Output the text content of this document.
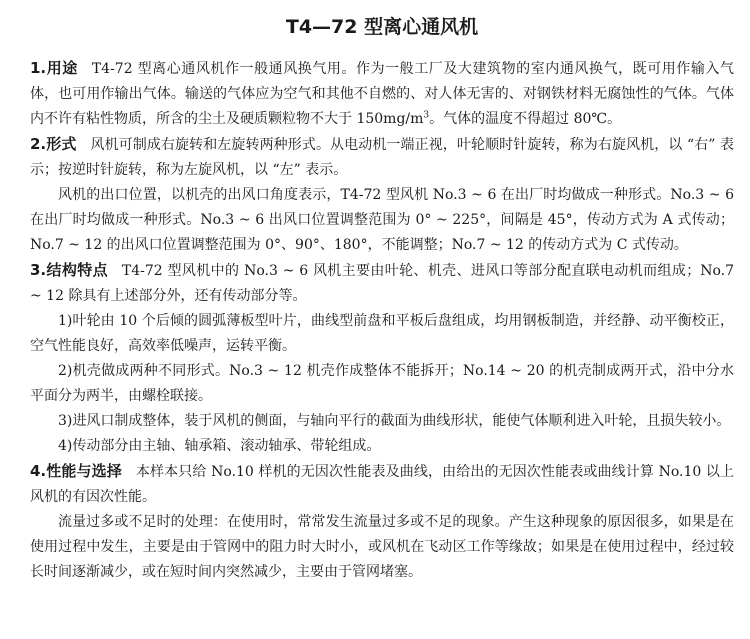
T4—72 型离心通风机

1.用途 T4-72 型离心通风机作一般通风换气用。作为一般工厂及大建筑物的室内通风换气，既可用作输入气体，也可用作输出气体。输送的气体应为空气和其他不自燃的、对人体无害的、对钢铁材料无腐蚀性的气体。气体内不许有粘性物质，所含的尘土及硬质颗粒物不大于 $150mg/m^3$。气体的温度不得超过 80℃。

2.形式 风机可制成右旋转和左旋转两种形式。从电动机一端正视，叶轮顺时针旋转，称为右旋风机，以 “右” 表示；按逆时针旋转，称为左旋风机，以 “左” 表示。

风机的出口位置，以机壳的出风口角度表示，T4-72 型风机 No.3 ~ 6 在出厂时均做成一种形式。No.3 ~ 6 在出厂时均做成一种形式。No.3 ~ 6 出风口位置调整范围为 0° ~ 225°，间隔是 45°，传动方式为 A 式传动；No.7 ~ 12 的出风口位置调整范围为 0°、90°、180°，不能调整；No.7 ~ 12 的传动方式为 C 式传动。

3.结构特点 T4-72 型风机中的 No.3 ~ 6 风机主要由叶轮、机壳、进风口等部分配直联电动机而组成；No.7 ~ 12 除具有上述部分外，还有传动部分等。

1)叶轮由 10 个后倾的圆弧薄板型叶片，曲线型前盘和平板后盘组成，均用钢板制造，并经静、动平衡校正，空气性能良好，高效率低噪声，运转平衡。

2)机壳做成两种不同形式。No.3 ~ 12 机壳作成整体不能拆开；No.14 ~ 20 的机壳制成两开式，沿中分水平面分为两半，由螺栓联接。

3)进风口制成整体，装于风机的侧面，与轴向平行的截面为曲线形状，能使气体顺利进入叶轮，且损失较小。

4)传动部分由主轴、轴承箱、滚动轴承、带轮组成。

4.性能与选择 本样本只给 No.10 样机的无因次性能表及曲线，由给出的无因次性能表或曲线计算 No.10 以上风机的有因次性能。

流量过多或不足时的处理：在使用时，常常发生流量过多或不足的现象。产生这种现象的原因很多，如果是在使用过程中发生，主要是由于管网中的阻力时大时小，或风机在飞动区工作等缘故；如果是在使用过程中，经过较长时间逐渐减少，或在短时间内突然减少，主要由于管网堵塞。
